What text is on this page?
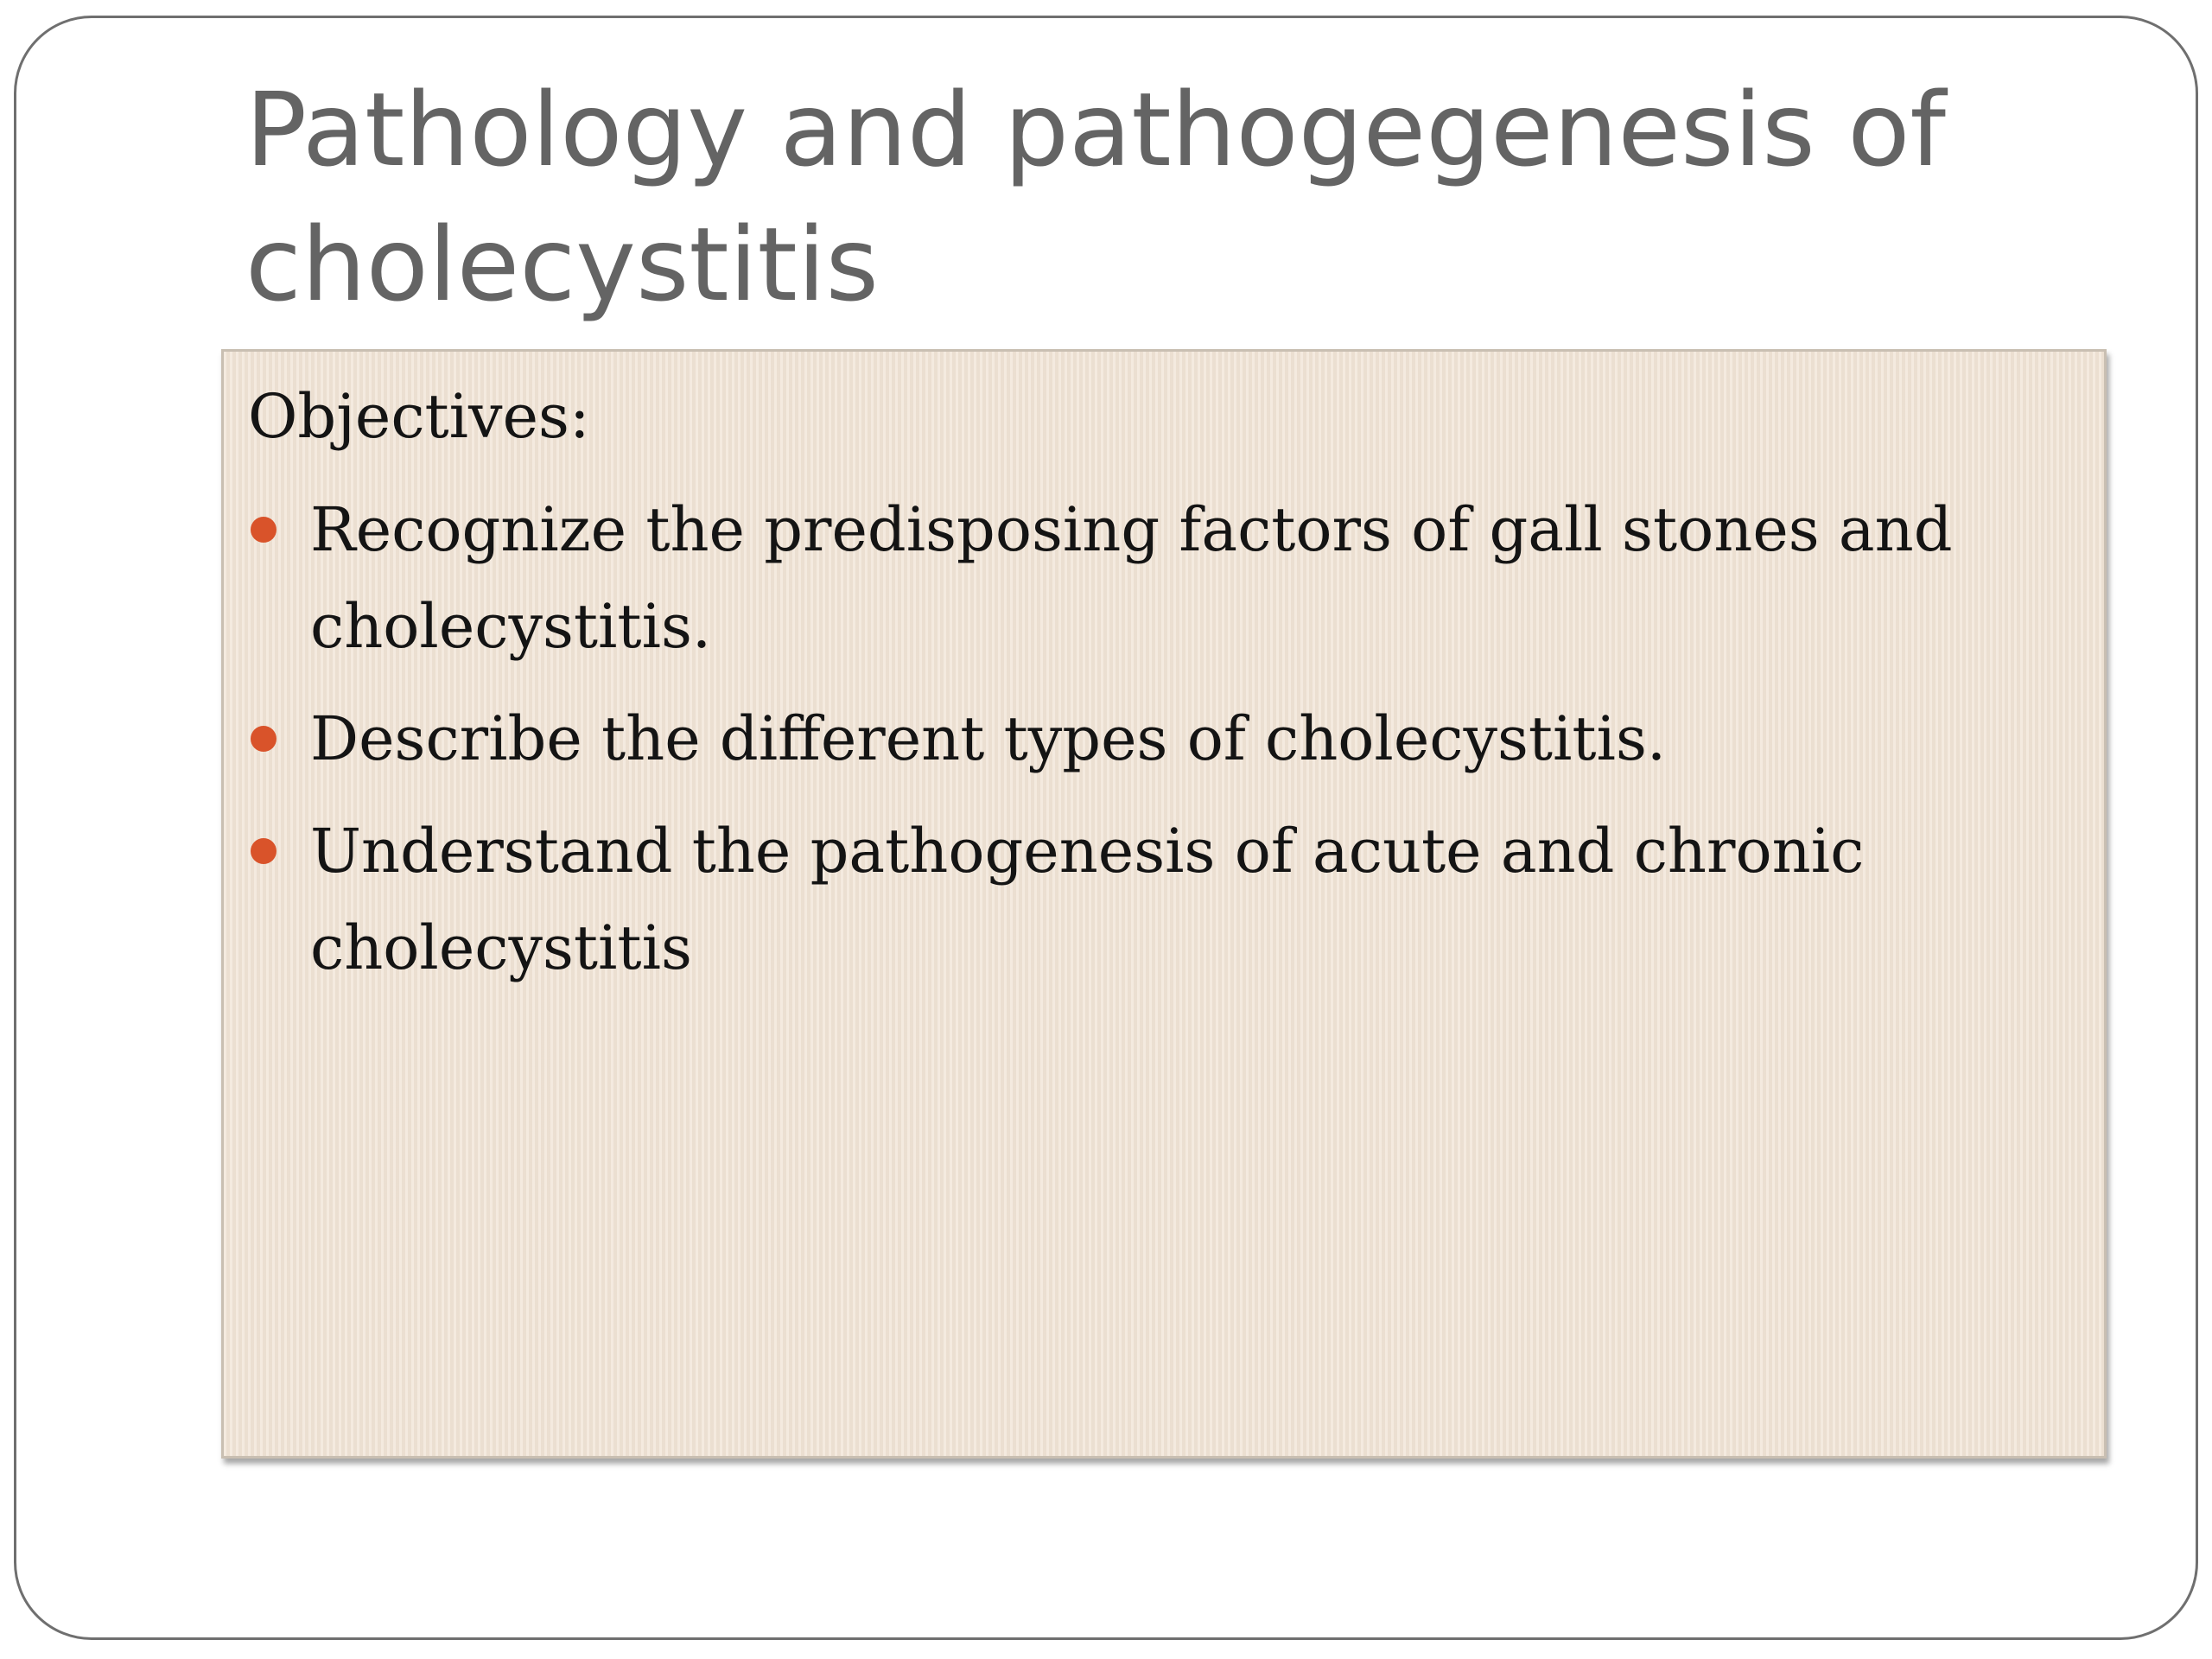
Pathology and pathogegenesis of cholecystitis

Objectives:

Recognize the predisposing factors of gall stones and cholecystitis.
Describe the different types of cholecystitis.
Understand the pathogenesis of acute and chronic cholecystitis
